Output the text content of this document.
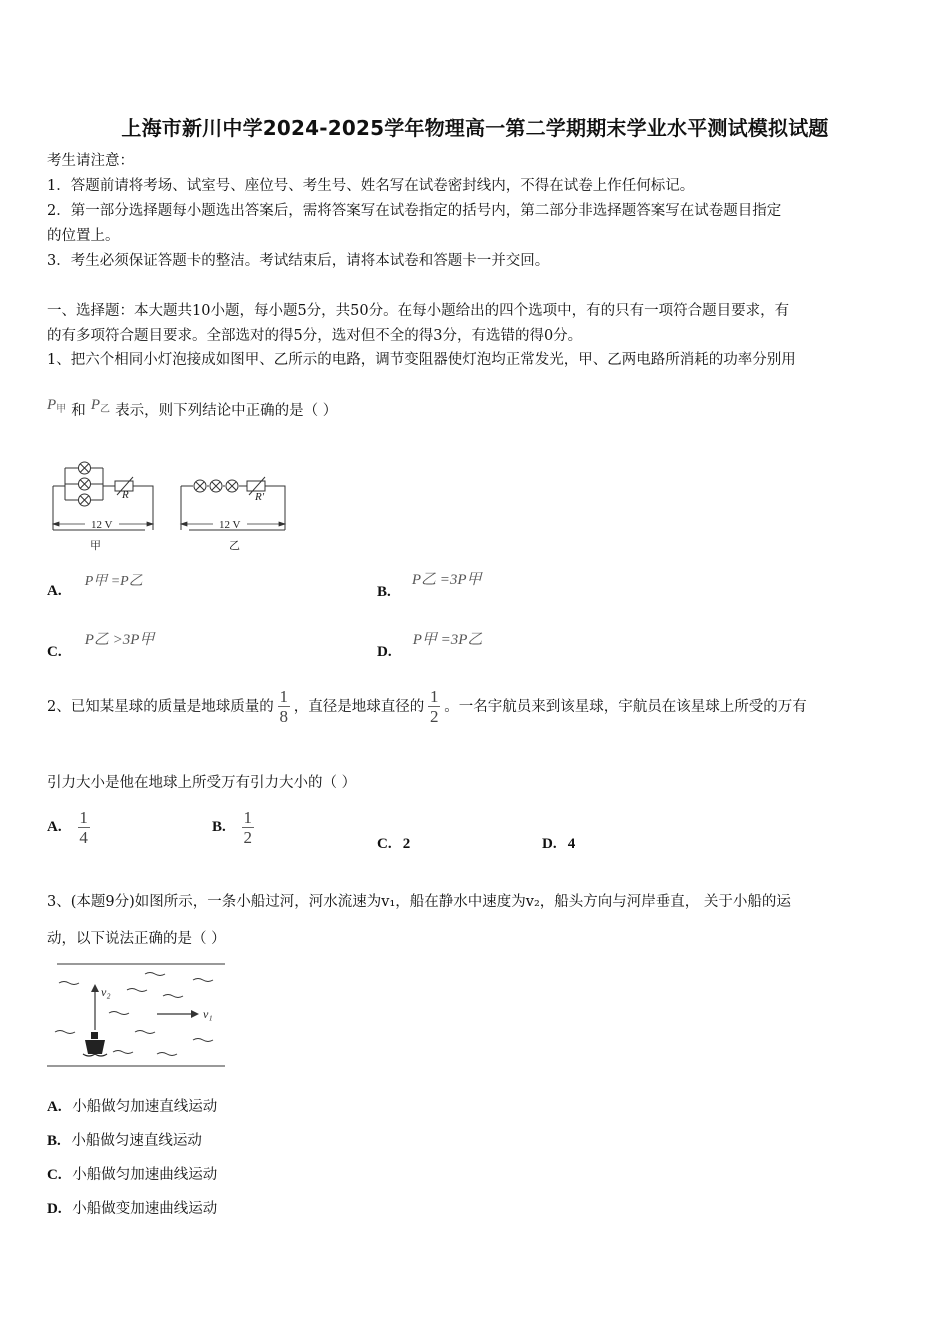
上海市新川中学2024-2025学年物理高一第二学期期末学业水平测试模拟试题
考生请注意：
1．答题前请将考场、试室号、座位号、考生号、姓名写在试卷密封线内，不得在试卷上作任何标记。
2．第一部分选择题每小题选出答案后，需将答案写在试卷指定的括号内，第二部分非选择题答案写在试卷题目指定
的位置上。
3．考生必须保证答题卡的整洁。考试结束后，请将本试卷和答题卡一并交回。
一、选择题：本大题共10小题，每小题5分，共50分。在每小题给出的四个选项中，有的只有一项符合题目要求，有
的有多项符合题目要求。全部选对的得5分，选对但不全的得3分，有选错的得0分。
1、把六个相同小灯泡接成如图甲、乙所示的电路，调节变阻器使灯泡均正常发光，甲、乙两电路所消耗的功率分别用
$P_甲$ 和 $P_乙$ 表示，则下列结论中正确的是（ ）
R	R'
12 V	12 V
甲	乙
A. P甲 =P乙
B. P乙 =3P甲
C. P乙 >3P甲
D. P甲 =3P乙
2、已知某星球的质量是地球质量的 $\frac{1}{8}$ ，直径是地球直径的 $\frac{1}{2}$ 。一名宇航员来到该星球，宇航员在该星球上所受的万有
引力大小是他在地球上所受万有引力大小的（ ）
A. $\frac{1}{4}$	B. $\frac{1}{2}$	C. 2	D. 4
3、(本题9分)如图所示，一条小船过河，河水流速为v₁，船在静水中速度为v₂，船头方向与河岸垂直， 关于小船的运
动，以下说法正确的是（ ）
v₂
v₁
A. 小船做匀加速直线运动
B. 小船做匀速直线运动
C. 小船做匀加速曲线运动
D. 小船做变加速曲线运动
